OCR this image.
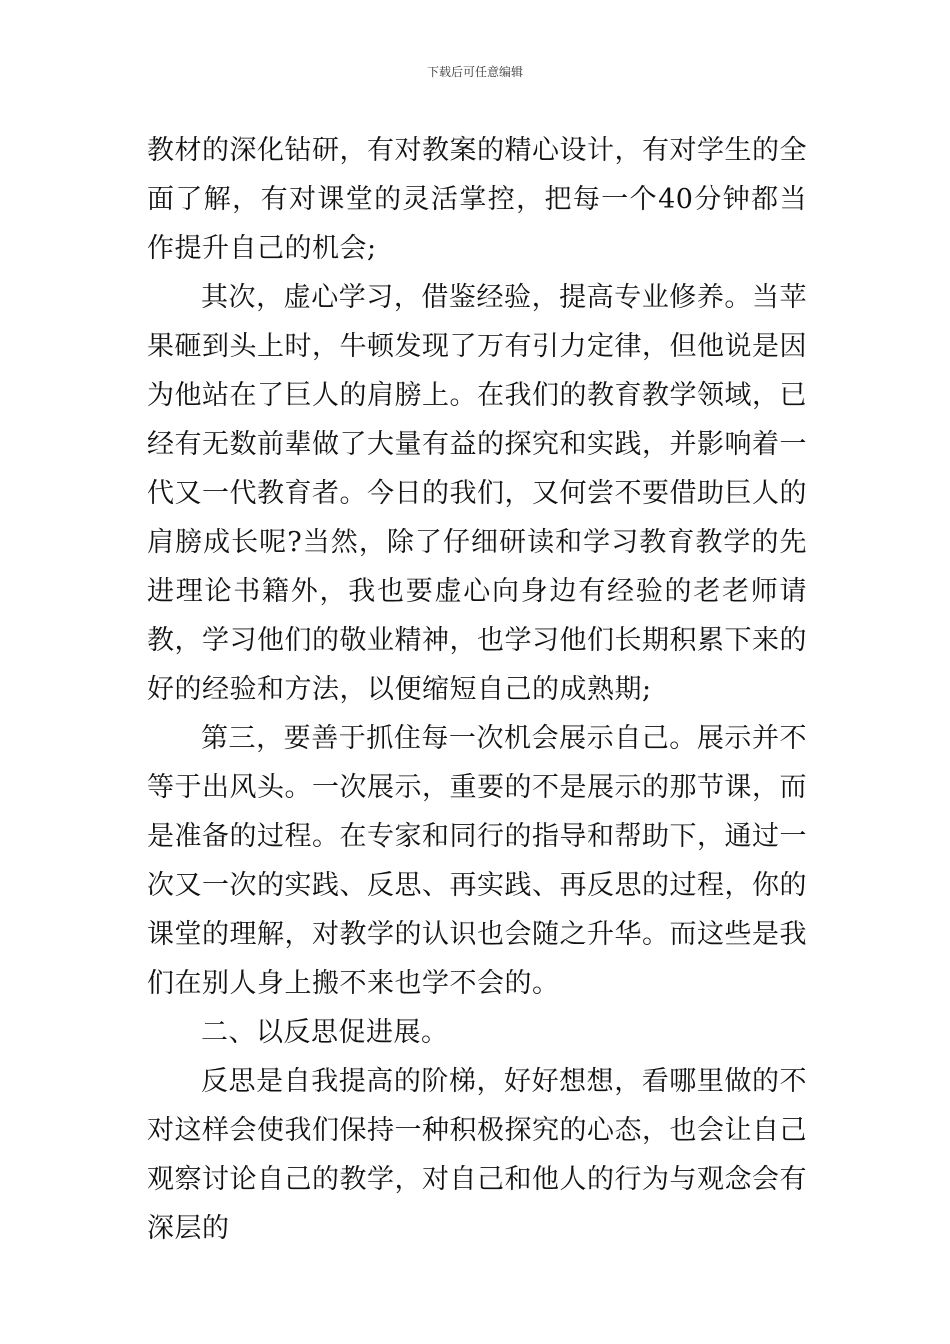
下载后可任意编辑

教材的深化钻研，有对教案的精心设计，有对学生的全面了解，有对课堂的灵活掌控，把每一个40分钟都当作提升自己的机会;

其次，虚心学习，借鉴经验，提高专业修养。当苹果砸到头上时，牛顿发现了万有引力定律，但他说是因为他站在了巨人的肩膀上。在我们的教育教学领域，已经有无数前辈做了大量有益的探究和实践，并影响着一代又一代教育者。今日的我们，又何尝不要借助巨人的肩膀成长呢?当然，除了仔细研读和学习教育教学的先进理论书籍外，我也要虚心向身边有经验的老老师请教，学习他们的敬业精神，也学习他们长期积累下来的好的经验和方法，以便缩短自己的成熟期;

第三，要善于抓住每一次机会展示自己。展示并不等于出风头。一次展示，重要的不是展示的那节课，而是准备的过程。在专家和同行的指导和帮助下，通过一次又一次的实践、反思、再实践、再反思的过程，你的课堂的理解，对教学的认识也会随之升华。而这些是我们在别人身上搬不来也学不会的。

二、以反思促进展。

反思是自我提高的阶梯，好好想想，看哪里做的不对这样会使我们保持一种积极探究的心态，也会让自己观察讨论自己的教学，对自己和他人的行为与观念会有深层的
